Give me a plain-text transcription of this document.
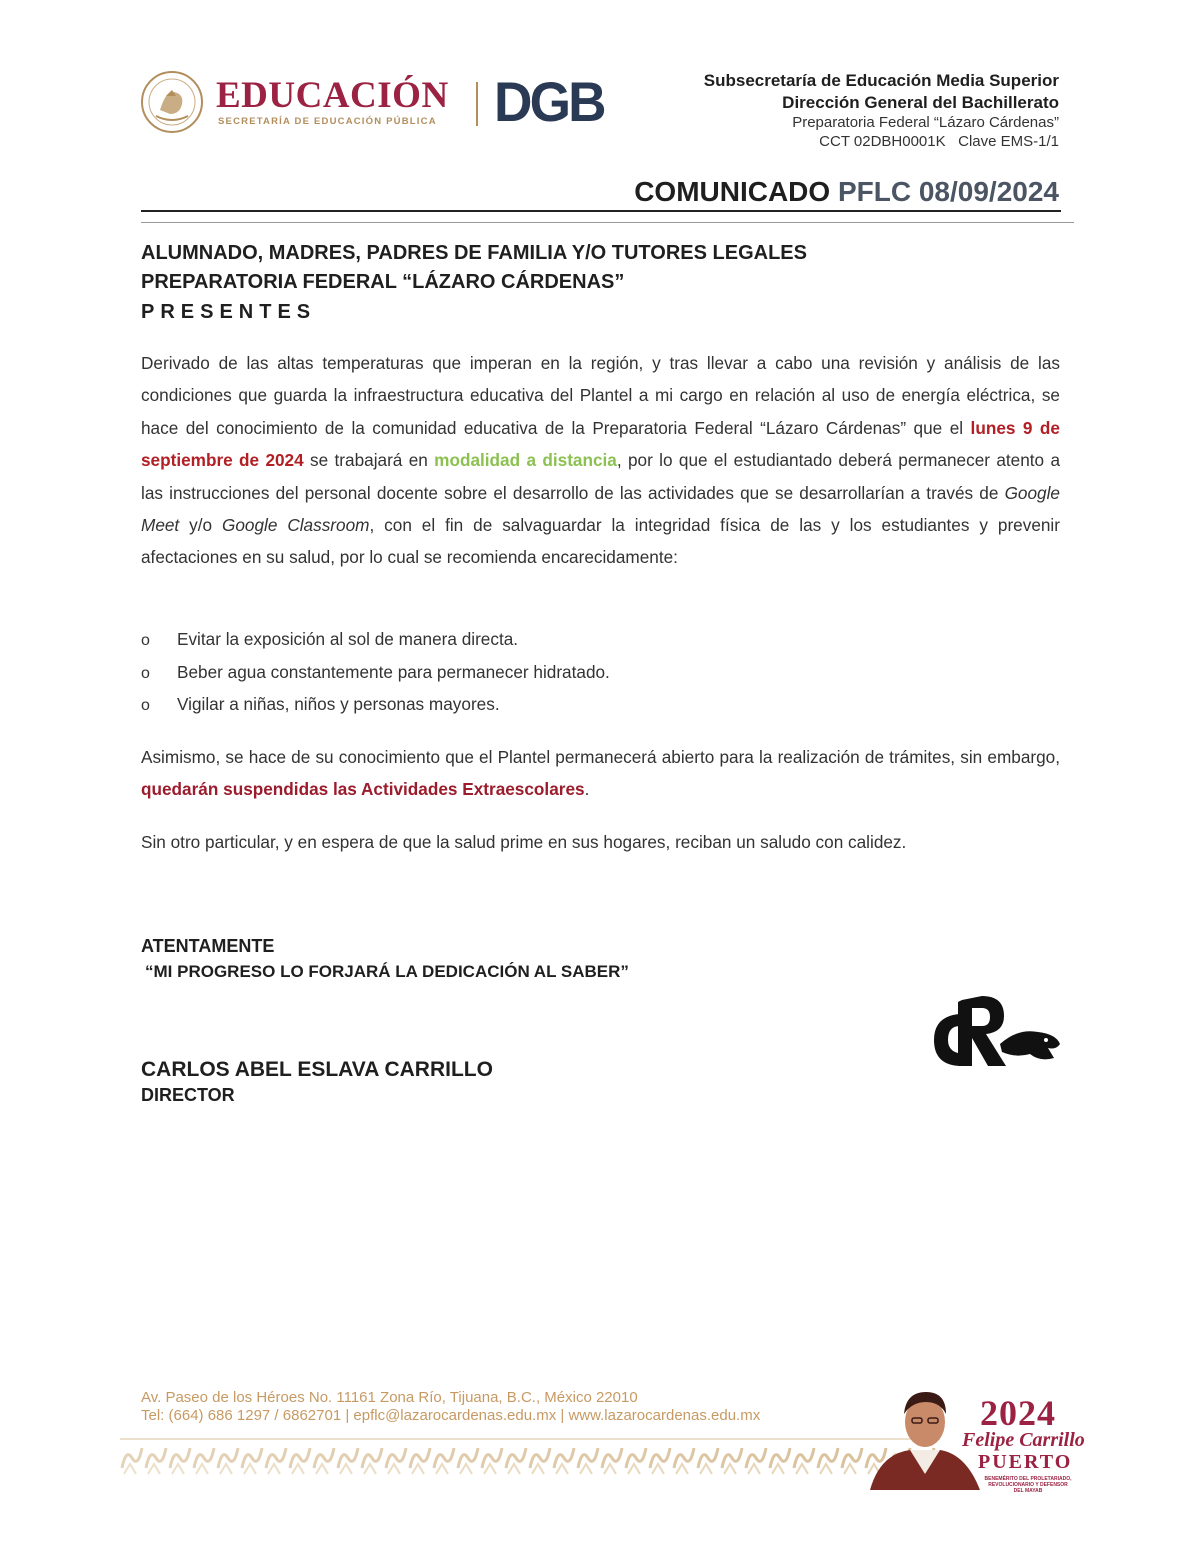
EDUCACIÓN
SECRETARÍA DE EDUCACIÓN PÚBLICA DGB	Subsecretaría de Educación Media Superior
Dirección General del Bachillerato
Preparatoria Federal “Lázaro Cárdenas”
CCT 02DBH0001K   Clave EMS-1/1
COMUNICADO PFLC 08/09/2024
ALUMNADO, MADRES, PADRES DE FAMILIA Y/O TUTORES LEGALES
PREPARATORIA FEDERAL “LÁZARO CÁRDENAS”
PRESENTES
Derivado de las altas temperaturas que imperan en la región, y tras llevar a cabo una revisión y análisis de las condiciones que guarda la infraestructura educativa del Plantel a mi cargo en relación al uso de energía eléctrica, se hace del conocimiento de la comunidad educativa de la Preparatoria Federal “Lázaro Cárdenas” que el lunes 9 de septiembre de 2024 se trabajará en modalidad a distancia, por lo que el estudiantado deberá permanecer atento a las instrucciones del personal docente sobre el desarrollo de las actividades que se desarrollarían a través de Google Meet y/o Google Classroom, con el fin de salvaguardar la integridad física de las y los estudiantes y prevenir afectaciones en su salud, por lo cual se recomienda encarecidamente:
o Evitar la exposición al sol de manera directa.
o Beber agua constantemente para permanecer hidratado.
o Vigilar a niñas, niños y personas mayores.
Asimismo, se hace de su conocimiento que el Plantel permanecerá abierto para la realización de trámites, sin embargo, quedarán suspendidas las Actividades Extraescolares.
Sin otro particular, y en espera de que la salud prime en sus hogares, reciban un saludo con calidez.
ATENTAMENTE
“MI PROGRESO LO FORJARÁ LA DEDICACIÓN AL SABER”
CARLOS ABEL ESLAVA CARRILLO
DIRECTOR
Av. Paseo de los Héroes No. 11161 Zona Río, Tijuana, B.C., México 22010
Tel: (664) 686 1297 / 6862701 | epflc@lazarocardenas.edu.mx | www.lazarocardenas.edu.mx	2024
Felipe Carrillo
PUERTO
BENEMÉRITO DEL PROLETARIADO, REVOLUCIONARIO Y DEFENSOR DEL MAYAB
